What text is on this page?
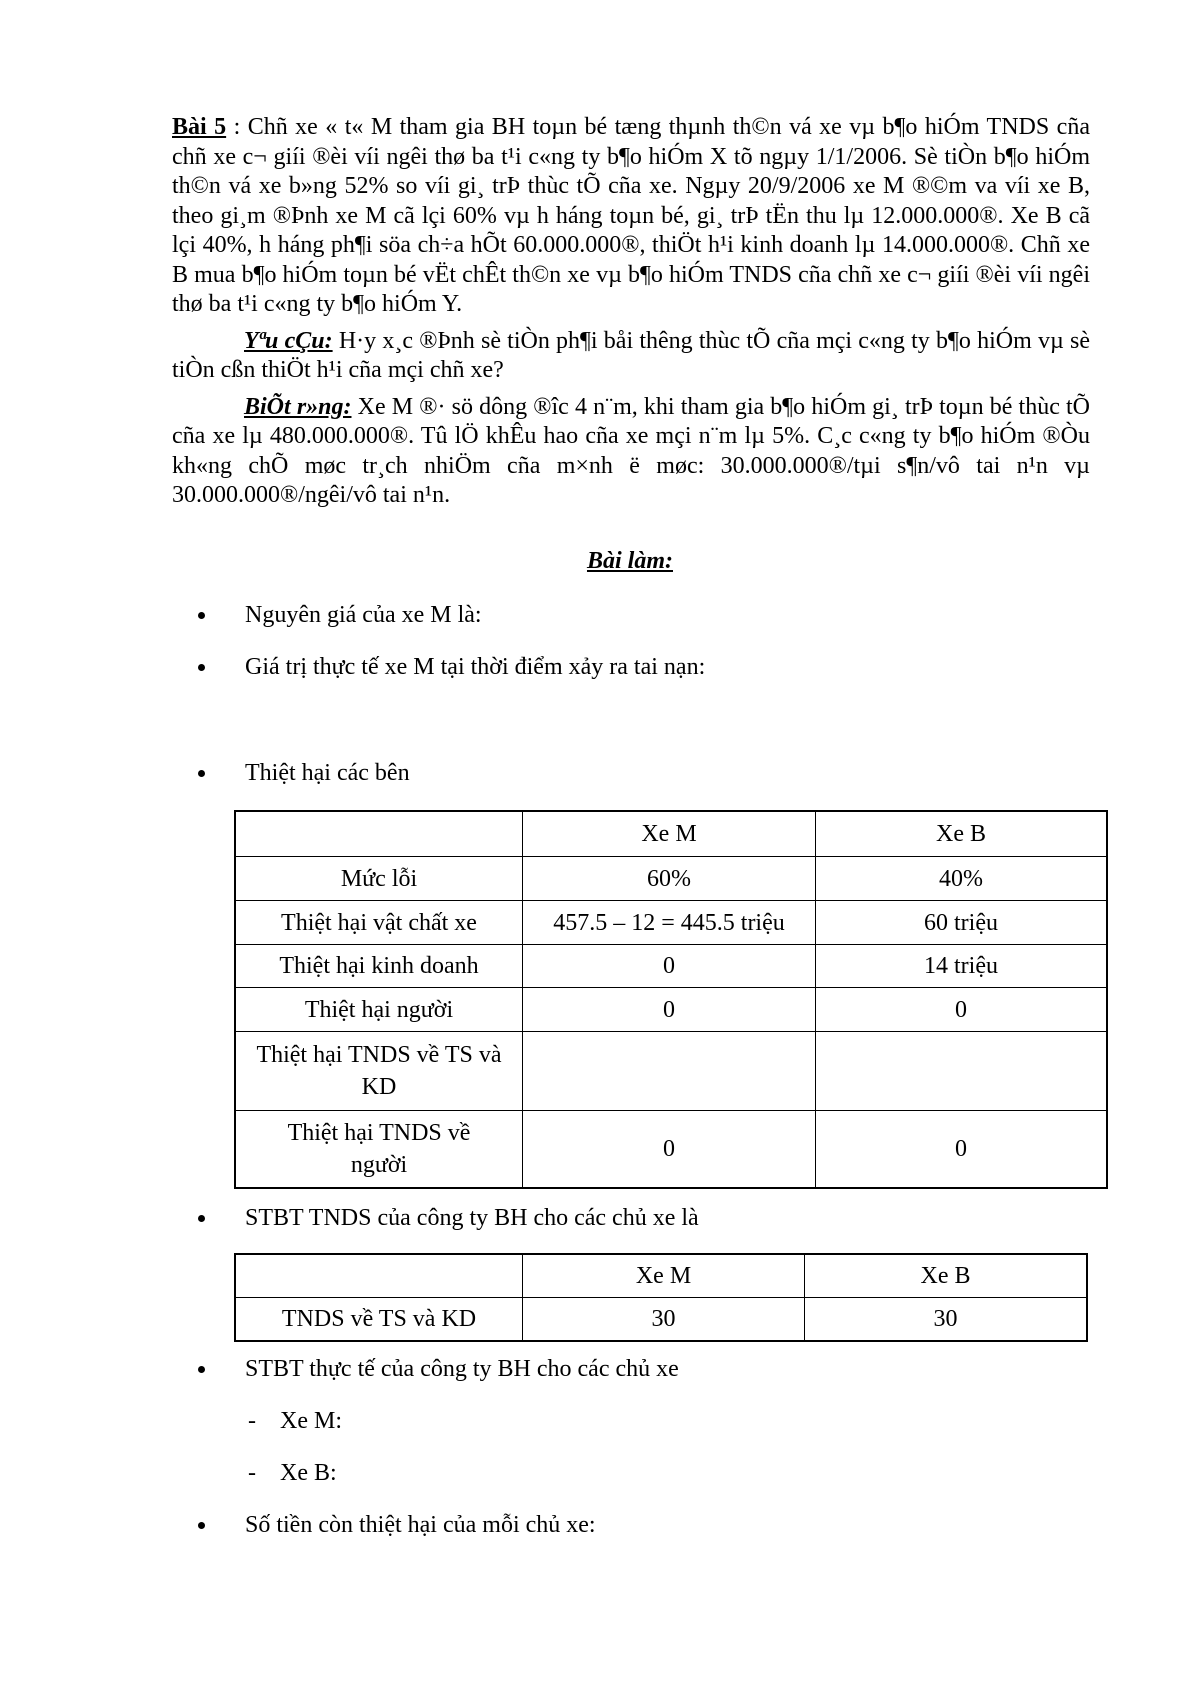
Bài 5 : Chñ xe « t« M tham gia BH toµn bé tæng thµnh th©n vá xe vµ b¶o hiÓm TNDS cña chñ xe c¬ giíi ®èi víi ngêi thø ba t¹i c«ng ty b¶o hiÓm X tõ ngµy 1/1/2006. Sè tiÒn b¶o hiÓm th©n vá xe b»ng 52% so víi gi¸ trÞ thùc tÕ cña xe. Ngµy 20/9/2006 xe M ®©m va víi xe B, theo gi¸m ®Þnh xe M cã lçi 60% vµ h háng toµn bé, gi¸ trÞ tËn thu lµ 12.000.000®. Xe B cã lçi 40%, h háng ph¶i söa ch÷a hÕt 60.000.000®, thiÖt h¹i kinh doanh lµ 14.000.000®. Chñ xe B mua b¶o hiÓm toµn bé vËt chÊt th©n xe vµ b¶o hiÓm TNDS cña chñ xe c¬ giíi ®èi víi ngêi thø ba t¹i c«ng ty b¶o hiÓm Y.

Yªu cÇu: H·y x¸c ®Þnh sè tiÒn ph¶i båi thêng thùc tÕ cña mçi c«ng ty b¶o hiÓm vµ sè tiÒn cßn thiÖt h¹i cña mçi chñ xe?

BiÕt r»ng: Xe M ®· sö dông ®îc 4 n¨m, khi tham gia b¶o hiÓm gi¸ trÞ toµn bé thùc tÕ cña xe lµ 480.000.000®. Tû lÖ khÊu hao cña xe mçi n¨m lµ 5%. C¸c c«ng ty b¶o hiÓm ®Òu kh«ng chÕ møc tr¸ch nhiÖm cña m×nh ë møc: 30.000.000®/tµi s¶n/vô tai n¹n vµ 30.000.000®/ngêi/vô tai n¹n.

Bài làm:
Nguyên giá của xe M là:
Giá trị thực tế xe M tại thời điểm xảy ra tai nạn:
Thiệt hại các bên
	Xe M	Xe B
Mức lỗi	60%	40%
Thiệt hại vật chất xe	457.5 – 12 = 445.5 triệu	60 triệu
Thiệt hại kinh doanh	0	14 triệu
Thiệt hại người	0	0
Thiệt hại TNDS về TS và KD		
Thiệt hại TNDS về người	0	0
STBT TNDS của công ty BH cho các chủ xe là
	Xe M	Xe B
TNDS về TS và KD	30	30
STBT thực tế của công ty BH cho các chủ xe
- Xe M:
- Xe B:
Số tiền còn thiệt hại của mỗi chủ xe:
